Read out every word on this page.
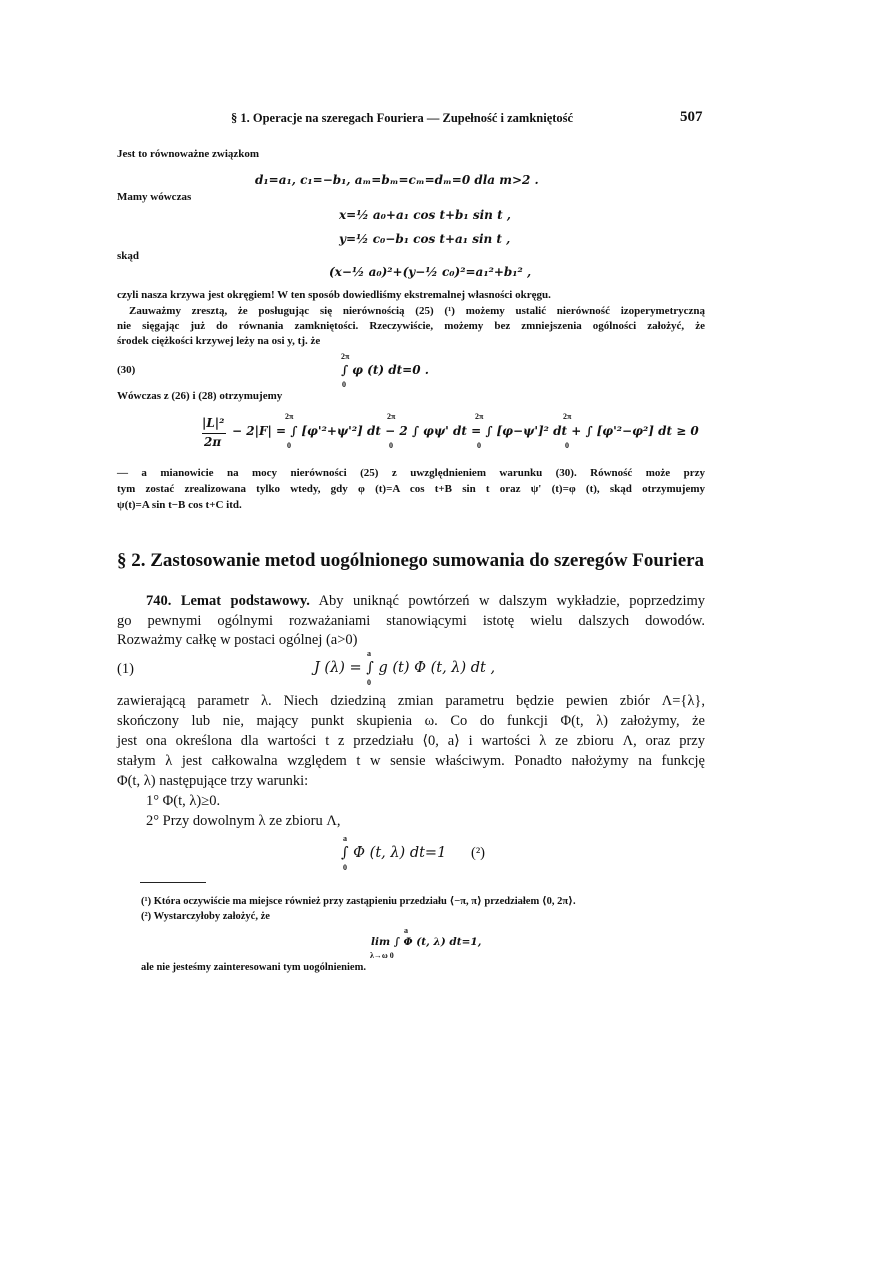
§ 1. Operacje na szeregach Fouriera — Zupełność i zamkniętość	507
Jest to równoważne związkom
d₁=a₁, c₁=−b₁, aₘ=bₘ=cₘ=dₘ=0 dla m>2 .
Mamy wówczas
x=½ a₀+a₁ cos t+b₁ sin t ,
y=½ c₀−b₁ cos t+a₁ sin t ,
skąd
(x−½ a₀)²+(y−½ c₀)²=a₁²+b₁² ,
czyli nasza krzywa jest okręgiem! W ten sposób dowiedliśmy ekstremalnej własności okręgu.
Zauważmy zresztą, że posługując się nierównością (25) (¹) możemy ustalić nierówność izoperymetryczną
nie sięgając już do równania zamkniętości. Rzeczywiście, możemy bez zmniejszenia ogólności założyć, że
środek ciężkości krzywej leży na osi y, tj. że
(30)
2π
∫ φ (t) dt=0 .
0
Wówczas z (26) i (28) otrzymujemy
|L|²
2π
− 2|F| = ∫ [φ'²+ψ'²] dt − 2 ∫ φψ' dt = ∫ [φ−ψ']² dt + ∫ [φ'²−φ²] dt ≥ 0
2π	2π	2π	2π
0	0	0	0
— a mianowicie na mocy nierówności (25) z uwzględnieniem warunku (30). Równość może przy
tym zostać zrealizowana tylko wtedy, gdy φ (t)=A cos t+B sin t oraz ψ' (t)=φ (t), skąd otrzymujemy
ψ(t)=A sin t−B cos t+C itd.
§ 2. Zastosowanie metod uogólnionego sumowania do szeregów Fouriera
740. Lemat podstawowy. Aby uniknąć powtórzeń w dalszym wykładzie, poprzedzimy
go pewnymi ogólnymi rozważaniami stanowiącymi istotę wielu dalszych dowodów.
Rozważmy całkę w postaci ogólnej (a>0)
(1)
a
J (λ) = ∫ g (t) Φ (t, λ) dt ,
0
zawierającą parametr λ. Niech dziedziną zmian parametru będzie pewien zbiór Λ={λ},
skończony lub nie, mający punkt skupienia ω. Co do funkcji Φ(t, λ) założymy, że
jest ona określona dla wartości t z przedziału ⟨0, a⟩ i wartości λ ze zbioru Λ, oraz przy
stałym λ jest całkowalna względem t w sensie właściwym. Ponadto nałożymy na funkcję
Φ(t, λ) następujące trzy warunki:
1° Φ(t, λ)≥0.
2° Przy dowolnym λ ze zbioru Λ,
a
∫ Φ (t, λ) dt=1 (²)
0
(¹) Która oczywiście ma miejsce również przy zastąpieniu przedziału ⟨−π, π⟩ przedziałem ⟨0, 2π⟩.
(²) Wystarczyłoby założyć, że
a
lim ∫ Φ (t, λ) dt=1,
λ→ω 0
ale nie jesteśmy zainteresowani tym uogólnieniem.
